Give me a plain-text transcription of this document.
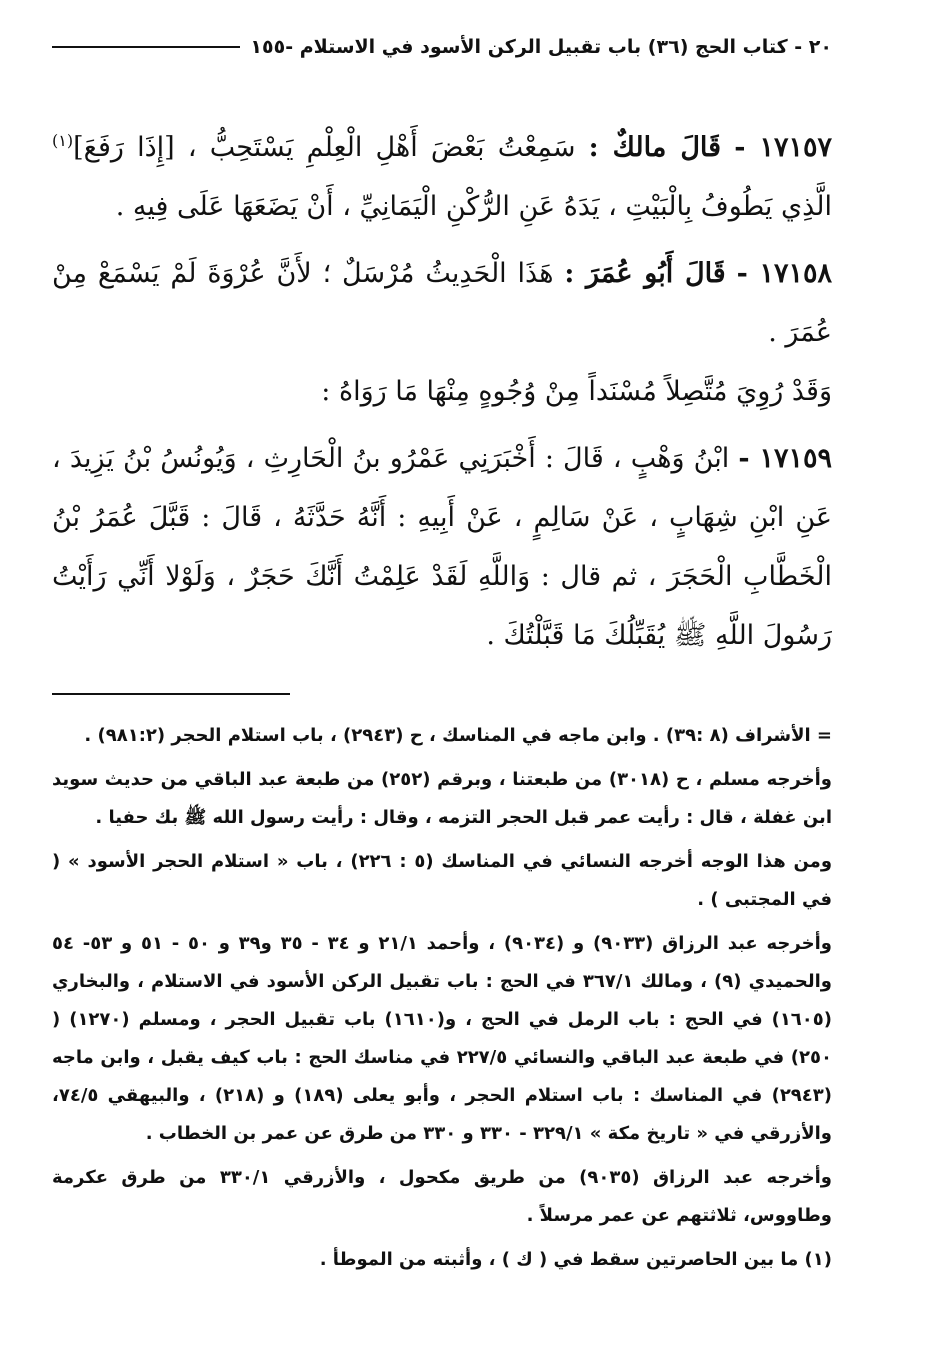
٢٠ - كتاب الحج (٣٦) باب تقبيل الركن الأسود في الاستلام -١٥٥

١٧١٥٧ - قَالَ مالكٌ : سَمِعْتُ بَعْضَ أَهْلِ الْعِلْمِ يَسْتَحِبُّ ، [إِذَا رَفَعَ]$^{(١)}$ الَّذِي يَطُوفُ بِالْبَيْتِ ، يَدَهُ عَنِ الرُّكْنِ الْيَمَانِيِّ ، أَنْ يَضَعَهَا عَلَى فِيهِ .

١٧١٥٨ - قَالَ أَبُو عُمَرَ : هَذَا الْحَدِيثُ مُرْسَلٌ ؛ لأَنَّ عُرْوَةَ لَمْ يَسْمَعْ مِنْ عُمَرَ .

وَقَدْ رُوِيَ مُتَّصِلاً مُسْنَداً مِنْ وُجُوهٍ مِنْهَا مَا رَوَاهُ :

١٧١٥٩ - ابْنُ وَهْبٍ ، قَالَ : أَخْبَرَنِي عَمْرُو بنُ الْحَارِثِ ، وَيُونُسُ بْنُ يَزِيدَ ، عَنِ ابْنِ شِهَابٍ ، عَنْ سَالِمٍ ، عَنْ أَبِيهِ : أَنَّهُ حَدَّثَهُ ، قَالَ : قَبَّلَ عُمَرُ بْنُ الْخَطَّابِ الْحَجَرَ ، ثم قال : وَاللَّهِ لَقَدْ عَلِمْتُ أَنَّكَ حَجَرٌ ، وَلَوْلا أَنِّي رَأَيْتُ رَسُولَ اللَّهِ ﷺ يُقَبِّلُكَ مَا قَبَّلْتُكَ .

= الأشراف (٨ :٣٩) . وابن ماجه في المناسك ، ح (٢٩٤٣) ، باب استلام الحجر (٩٨١:٢) .

وأخرجه مسلم ، ح (٣٠١٨) من طبعتنا ، وبرقم (٢٥٢) من طبعة عبد الباقي من حديث سويد ابن غفلة ، قال : رأيت عمر قبل الحجر التزمه ، وقال : رأيت رسول الله ﷺ بك حفيا .

ومن هذا الوجه أخرجه النسائي في المناسك (٥ : ٢٢٦) ، باب « استلام الحجر الأسود » ( في المجتبى ) .

وأخرجه عبد الرزاق (٩٠٣٣) و (٩٠٣٤) ، وأحمد ٢١/١ و ٣٤ - ٣٥ و٣٩ و ٥٠ - ٥١ و ٥٣- ٥٤ والحميدي (٩) ، ومالك ٣٦٧/١ في الحج : باب تقبيل الركن الأسود في الاستلام ، والبخاري (١٦٠٥) في الحج : باب الرمل في الحج ، و(١٦١٠) باب تقبيل الحجر ، ومسلم (١٢٧٠) ( ٢٥٠) في طبعة عبد الباقي والنسائي ٢٢٧/٥ في مناسك الحج : باب كيف يقبل ، وابن ماجه (٢٩٤٣) في المناسك : باب استلام الحجر ، وأبو يعلى (١٨٩) و (٢١٨) ، والبيهقي ٧٤/٥، والأزرقي في « تاريخ مكة » ٣٢٩/١ - ٣٣٠ و ٣٣٠ من طرق عن عمر بن الخطاب .

وأخرجه عبد الرزاق (٩٠٣٥) من طريق مكحول ، والأزرقي ٣٣٠/١ من طرق عكرمة وطاووس، ثلاثتهم عن عمر مرسلاً .

(١) ما بين الحاصرتين سقط في ( ك ) ، وأثبته من الموطأ .
